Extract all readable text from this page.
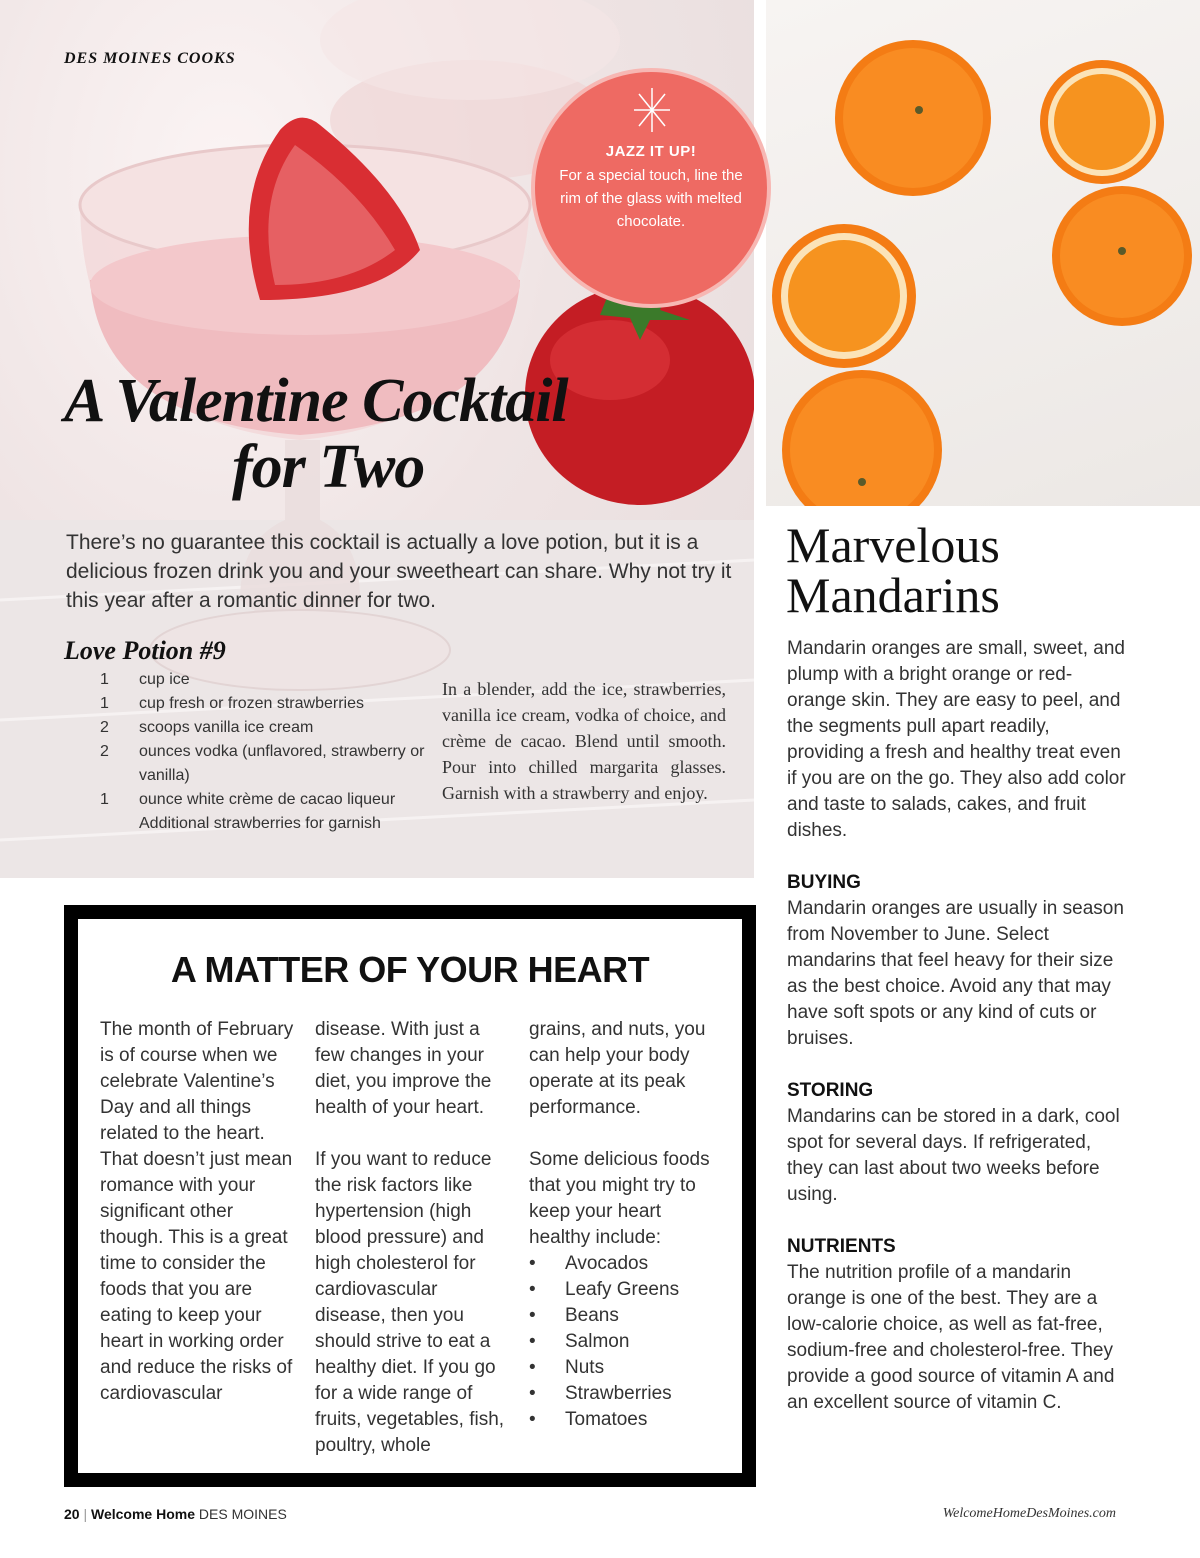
DES MOINES COOKS
JAZZ IT UP!
For a special touch, line the rim of the glass with melted chocolate.
A Valentine Cocktail
for Two
There’s no guarantee this cocktail is actually a love potion, but it is a delicious frozen drink you and your sweetheart can share. Why not try it this year after a romantic dinner for two.
Love Potion #9
1	cup ice
1	cup fresh or frozen strawberries
2	scoops vanilla ice cream
2	ounces vodka (unflavored, strawberry or vanilla)
1	ounce white crème de cacao liqueur
Additional strawberries for garnish
In a blender, add the ice, strawberries, vanilla ice cream, vodka of choice, and crème de cacao. Blend until smooth. Pour into chilled margarita glasses. Garnish with a strawberry and enjoy.
A MATTER OF YOUR HEART

The month of February is of course when we celebrate Valentine’s Day and all things related to the heart. That doesn’t just mean romance with your significant other though. This is a great time to consider the foods that you are eating to keep your heart in working order and reduce the risks of cardiovascular

disease. With just a few changes in your diet, you improve the health of your heart.

If you want to reduce the risk factors like hypertension (high blood pressure) and high cholesterol for cardiovascular disease, then you should strive to eat a healthy diet. If you go for a wide range of fruits, vegetables, fish, poultry, whole

grains, and nuts, you can help your body operate at its peak performance.

Some delicious foods that you might try to keep your heart healthy include:

•	Avocados
•	Leafy Greens
•	Beans
•	Salmon
•	Nuts
•	Strawberries
•	Tomatoes
Marvelous
Mandarins

Mandarin oranges are small, sweet, and plump with a bright orange or red-orange skin. They are easy to peel, and the segments pull apart readily, providing a fresh and healthy treat even if you are on the go. They also add color and taste to salads, cakes, and fruit dishes.

BUYING

Mandarin oranges are usually in season from November to June. Select mandarins that feel heavy for their size as the best choice. Avoid any that may have soft spots or any kind of cuts or bruises.

STORING

Mandarins can be stored in a dark, cool spot for several days. If refrigerated, they can last about two weeks before using.

NUTRIENTS

The nutrition profile of a mandarin orange is one of the best. They are a low-calorie choice, as well as fat-free, sodium-free and cholesterol-free. They provide a good source of vitamin A and an excellent source of vitamin C.

20 | Welcome Home DES MOINES	WelcomeHomeDesMoines.com
